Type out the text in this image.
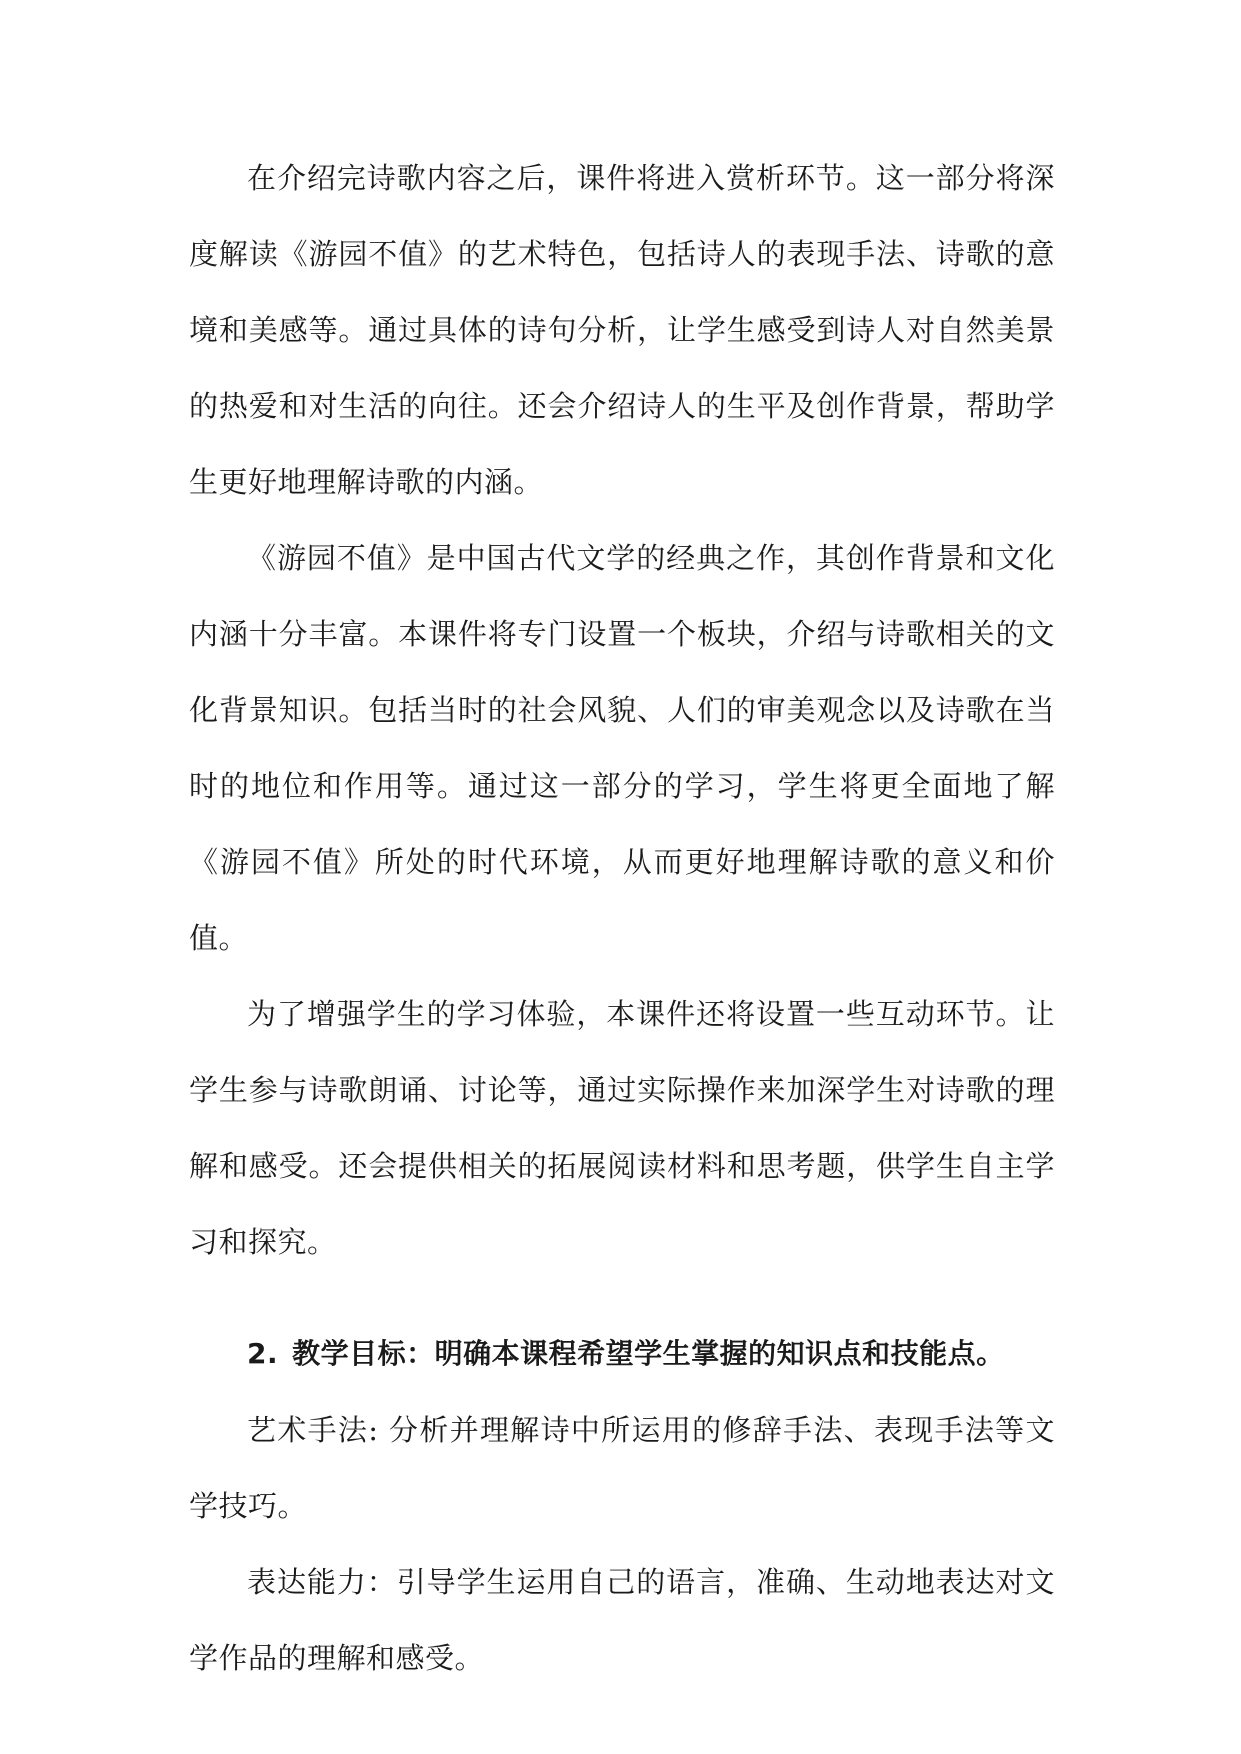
在介绍完诗歌内容之后，课件将进入赏析环节。这一部分将深度解读《游园不值》的艺术特色，包括诗人的表现手法、诗歌的意境和美感等。通过具体的诗句分析，让学生感受到诗人对自然美景的热爱和对生活的向往。还会介绍诗人的生平及创作背景，帮助学生更好地理解诗歌的内涵。

《游园不值》是中国古代文学的经典之作，其创作背景和文化内涵十分丰富。本课件将专门设置一个板块，介绍与诗歌相关的文化背景知识。包括当时的社会风貌、人们的审美观念以及诗歌在当时的地位和作用等。通过这一部分的学习，学生将更全面地了解《游园不值》所处的时代环境，从而更好地理解诗歌的意义和价值。

为了增强学生的学习体验，本课件还将设置一些互动环节。让学生参与诗歌朗诵、讨论等，通过实际操作来加深学生对诗歌的理解和感受。还会提供相关的拓展阅读材料和思考题，供学生自主学习和探究。

2. 教学目标：明确本课程希望学生掌握的知识点和技能点。

艺术手法: 分析并理解诗中所运用的修辞手法、表现手法等文学技巧。

表达能力：引导学生运用自己的语言，准确、生动地表达对文学作品的理解和感受。
